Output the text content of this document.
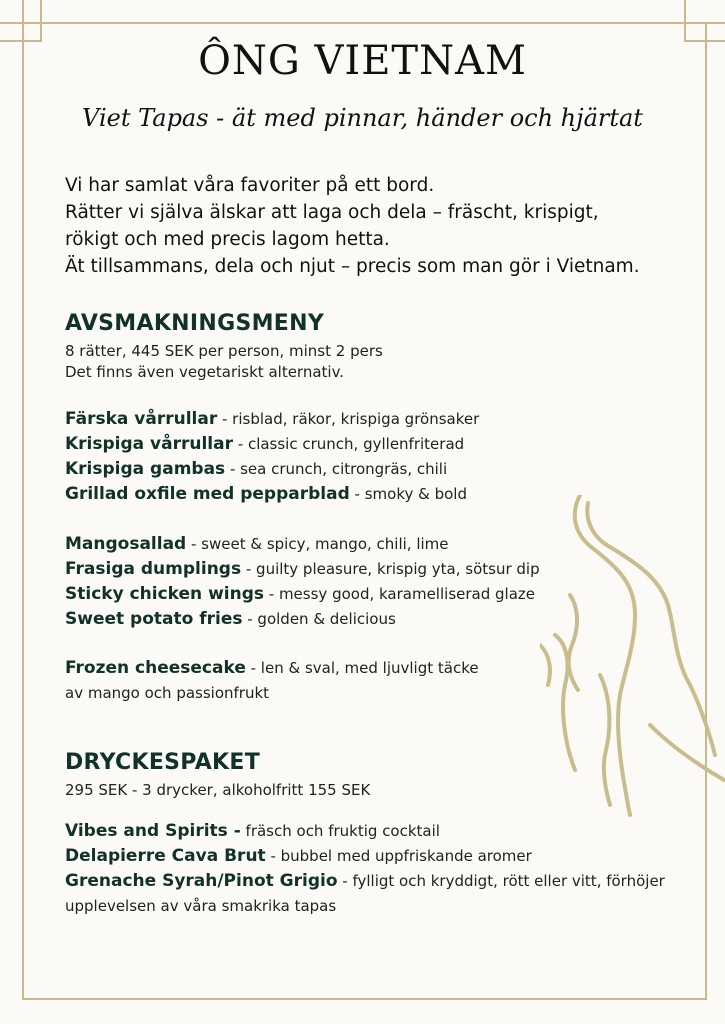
ÔNG VIETNAM
Viet Tapas - ät med pinnar, händer och hjärtat
Vi har samlat våra favoriter på ett bord.
Rätter vi själva älskar att laga och dela – fräscht, krispigt,
rökigt och med precis lagom hetta.
Ät tillsammans, dela och njut – precis som man gör i Vietnam.
AVSMAKNINGSMENY
8 rätter, 445 SEK per person, minst 2 pers
Det finns även vegetariskt alternativ.
Färska vårrullar - risblad, räkor, krispiga grönsaker
Krispiga vårrullar - classic crunch, gyllenfriterad
Krispiga gambas - sea crunch, citrongräs, chili
Grillad oxfile med pepparblad - smoky & bold
Mangosallad - sweet & spicy, mango, chili, lime
Frasiga dumplings - guilty pleasure, krispig yta, sötsur dip
Sticky chicken wings - messy good, karamelliserad glaze
Sweet potato fries - golden & delicious
Frozen cheesecake - len & sval, med ljuvligt täcke
av mango och passionfrukt
DRYCKESPAKET
295 SEK - 3 drycker, alkoholfritt 155 SEK
Vibes and Spirits - fräsch och fruktig cocktail
Delapierre Cava Brut - bubbel med uppfriskande aromer
Grenache Syrah/Pinot Grigio - fylligt och kryddigt, rött eller vitt, förhöjer upplevelsen av våra smakrika tapas
